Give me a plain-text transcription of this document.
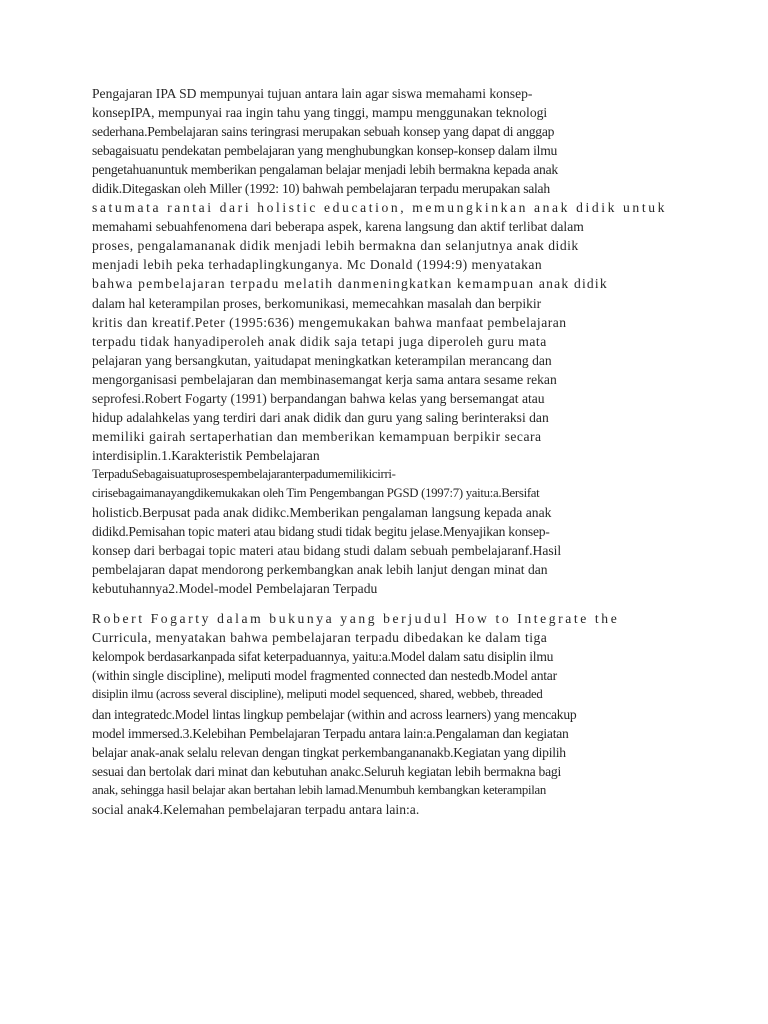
Pengajaran IPA SD mempunyai tujuan antara lain agar siswa memahami konsep-
konsepIPA, mempunyai raa ingin tahu yang tinggi, mampu menggunakan teknologi
sederhana.Pembelajaran sains teringrasi merupakan sebuah konsep yang dapat di anggap
sebagaisuatu pendekatan pembelajaran yang menghubungkan konsep-konsep dalam ilmu
pengetahuanuntuk memberikan pengalaman belajar menjadi lebih bermakna kepada anak
didik.Ditegaskan oleh Miller (1992: 10) bahwah pembelajaran terpadu merupakan salah
satumata rantai dari holistic education, memungkinkan anak didik untuk
memahami sebuahfenomena dari beberapa aspek, karena langsung dan aktif terlibat dalam
proses, pengalamananak didik menjadi lebih bermakna dan selanjutnya anak didik
menjadi lebih peka terhadaplingkunganya. Mc Donald (1994:9) menyatakan
bahwa pembelajaran terpadu melatih danmeningkatkan kemampuan anak didik
dalam hal keterampilan proses, berkomunikasi, memecahkan masalah dan berpikir
kritis dan kreatif.Peter (1995:636) mengemukakan bahwa manfaat pembelajaran
terpadu tidak hanyadiperoleh anak didik saja tetapi juga diperoleh guru mata
pelajaran yang bersangkutan, yaitudapat meningkatkan keterampilan merancang dan
mengorganisasi pembelajaran dan membinasemangat kerja sama antara sesame rekan
seprofesi.Robert Fogarty (1991) berpandangan bahwa kelas yang bersemangat atau
hidup adalahkelas yang terdiri dari anak didik dan guru yang saling berinteraksi dan
memiliki gairah sertaperhatian dan memberikan kemampuan berpikir secara
interdisiplin.1.Karakteristik Pembelajaran
TerpaduSebagaisuatuprosespembelajaranterpadumemilikicirri-
cirisebagaimanayangdikemukakan oleh Tim Pengembangan PGSD (1997:7) yaitu:a.Bersifat
holisticb.Berpusat pada anak didikc.Memberikan pengalaman langsung kepada anak
didikd.Pemisahan topic materi atau bidang studi tidak begitu jelase.Menyajikan konsep-
konsep dari berbagai topic materi atau bidang studi dalam sebuah pembelajaranf.Hasil
pembelajaran dapat mendorong perkembangkan anak lebih lanjut dengan minat dan
kebutuhannya2.Model-model Pembelajaran Terpadu
Robert Fogarty dalam bukunya yang berjudul How to Integrate the
Curricula, menyatakan bahwa pembelajaran terpadu dibedakan ke dalam tiga
kelompok berdasarkanpada sifat keterpaduannya, yaitu:a.Model dalam satu disiplin ilmu
(within single discipline), meliputi model fragmented connected dan nestedb.Model antar
disiplin ilmu (across several discipline), meliputi model sequenced, shared, webbeb, threaded
dan integratedc.Model lintas lingkup pembelajar (within and across learners) yang mencakup
model immersed.3.Kelebihan Pembelajaran Terpadu antara lain:a.Pengalaman dan kegiatan
belajar anak-anak selalu relevan dengan tingkat perkembangananakb.Kegiatan yang dipilih
sesuai dan bertolak dari minat dan kebutuhan anakc.Seluruh kegiatan lebih bermakna bagi
anak, sehingga hasil belajar akan bertahan lebih lamad.Menumbuh kembangkan keterampilan
social anak4.Kelemahan pembelajaran terpadu antara lain:a.
